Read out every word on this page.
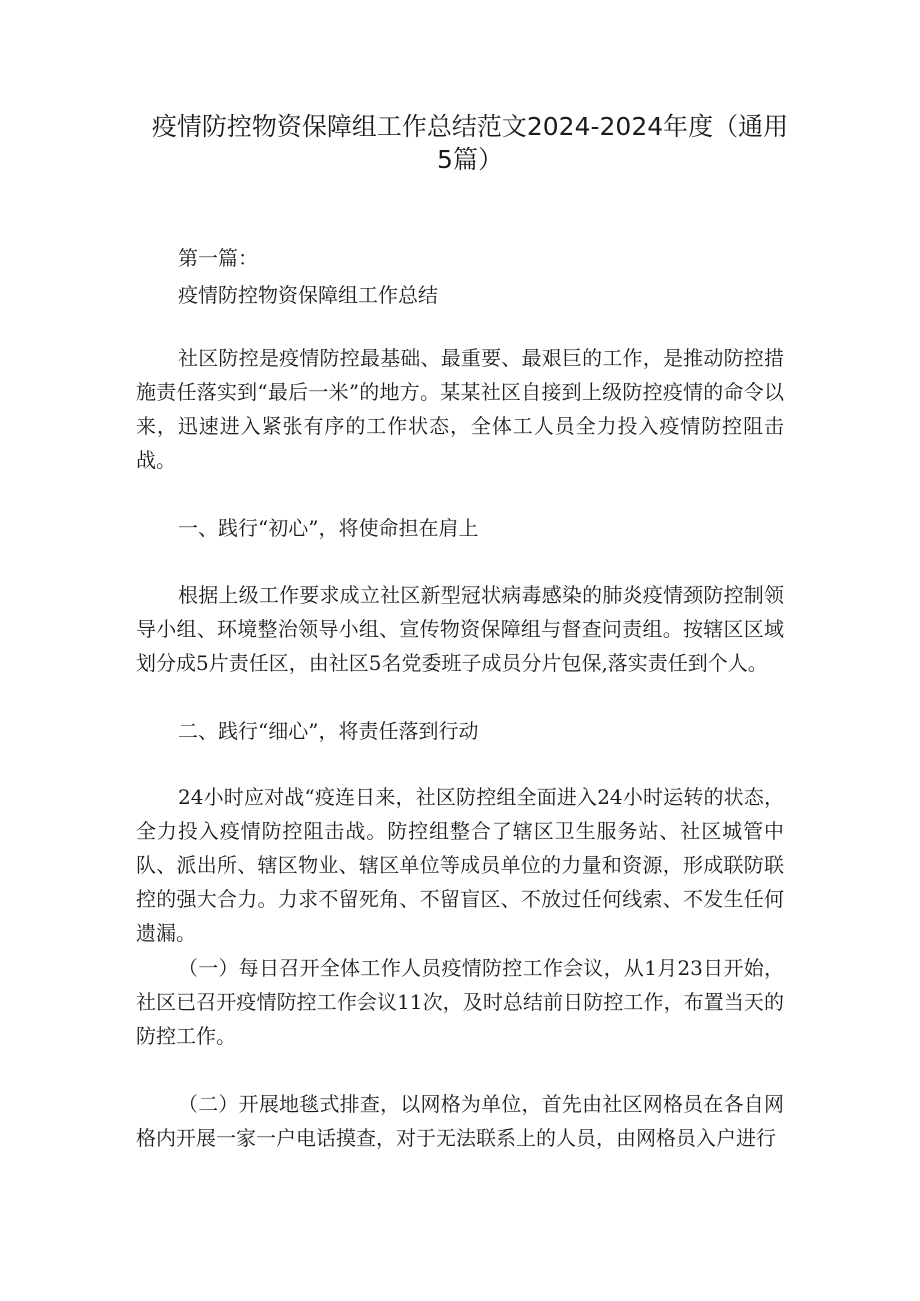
疫情防控物资保障组工作总结范文2024-2024年度（通用5篇）

第一篇：

疫情防控物资保障组工作总结

社区防控是疫情防控最基础、最重要、最艰巨的工作，是推动防控措施责任落实到“最后一米”的地方。某某社区自接到上级防控疫情的命令以来，迅速进入紧张有序的工作状态，全体工人员全力投入疫情防控阻击战。

一、践行“初心”，将使命担在肩上

根据上级工作要求成立社区新型冠状病毒感染的肺炎疫情颈防控制领导小组、环境整治领导小组、宣传物资保障组与督查问责组。按辖区区域划分成5片责任区，由社区5名党委班子成员分片包保,落实责任到个人。

二、践行“细心”，将责任落到行动

24小时应对战“疫连日来，社区防控组全面进入24小时运转的状态，全力投入疫情防控阻击战。防控组整合了辖区卫生服务站、社区城管中队、派出所、辖区物业、辖区单位等成员单位的力量和资源，形成联防联控的强大合力。力求不留死角、不留盲区、不放过任何线索、不发生任何遗漏。

（一）每日召开全体工作人员疫情防控工作会议，从1月23日开始，社区已召开疫情防控工作会议11次，及时总结前日防控工作，布置当天的防控工作。

（二）开展地毯式排查，以网格为单位，首先由社区网格员在各自网格内开展一家一户电话摸查，对于无法联系上的人员，由网格员入户进行
